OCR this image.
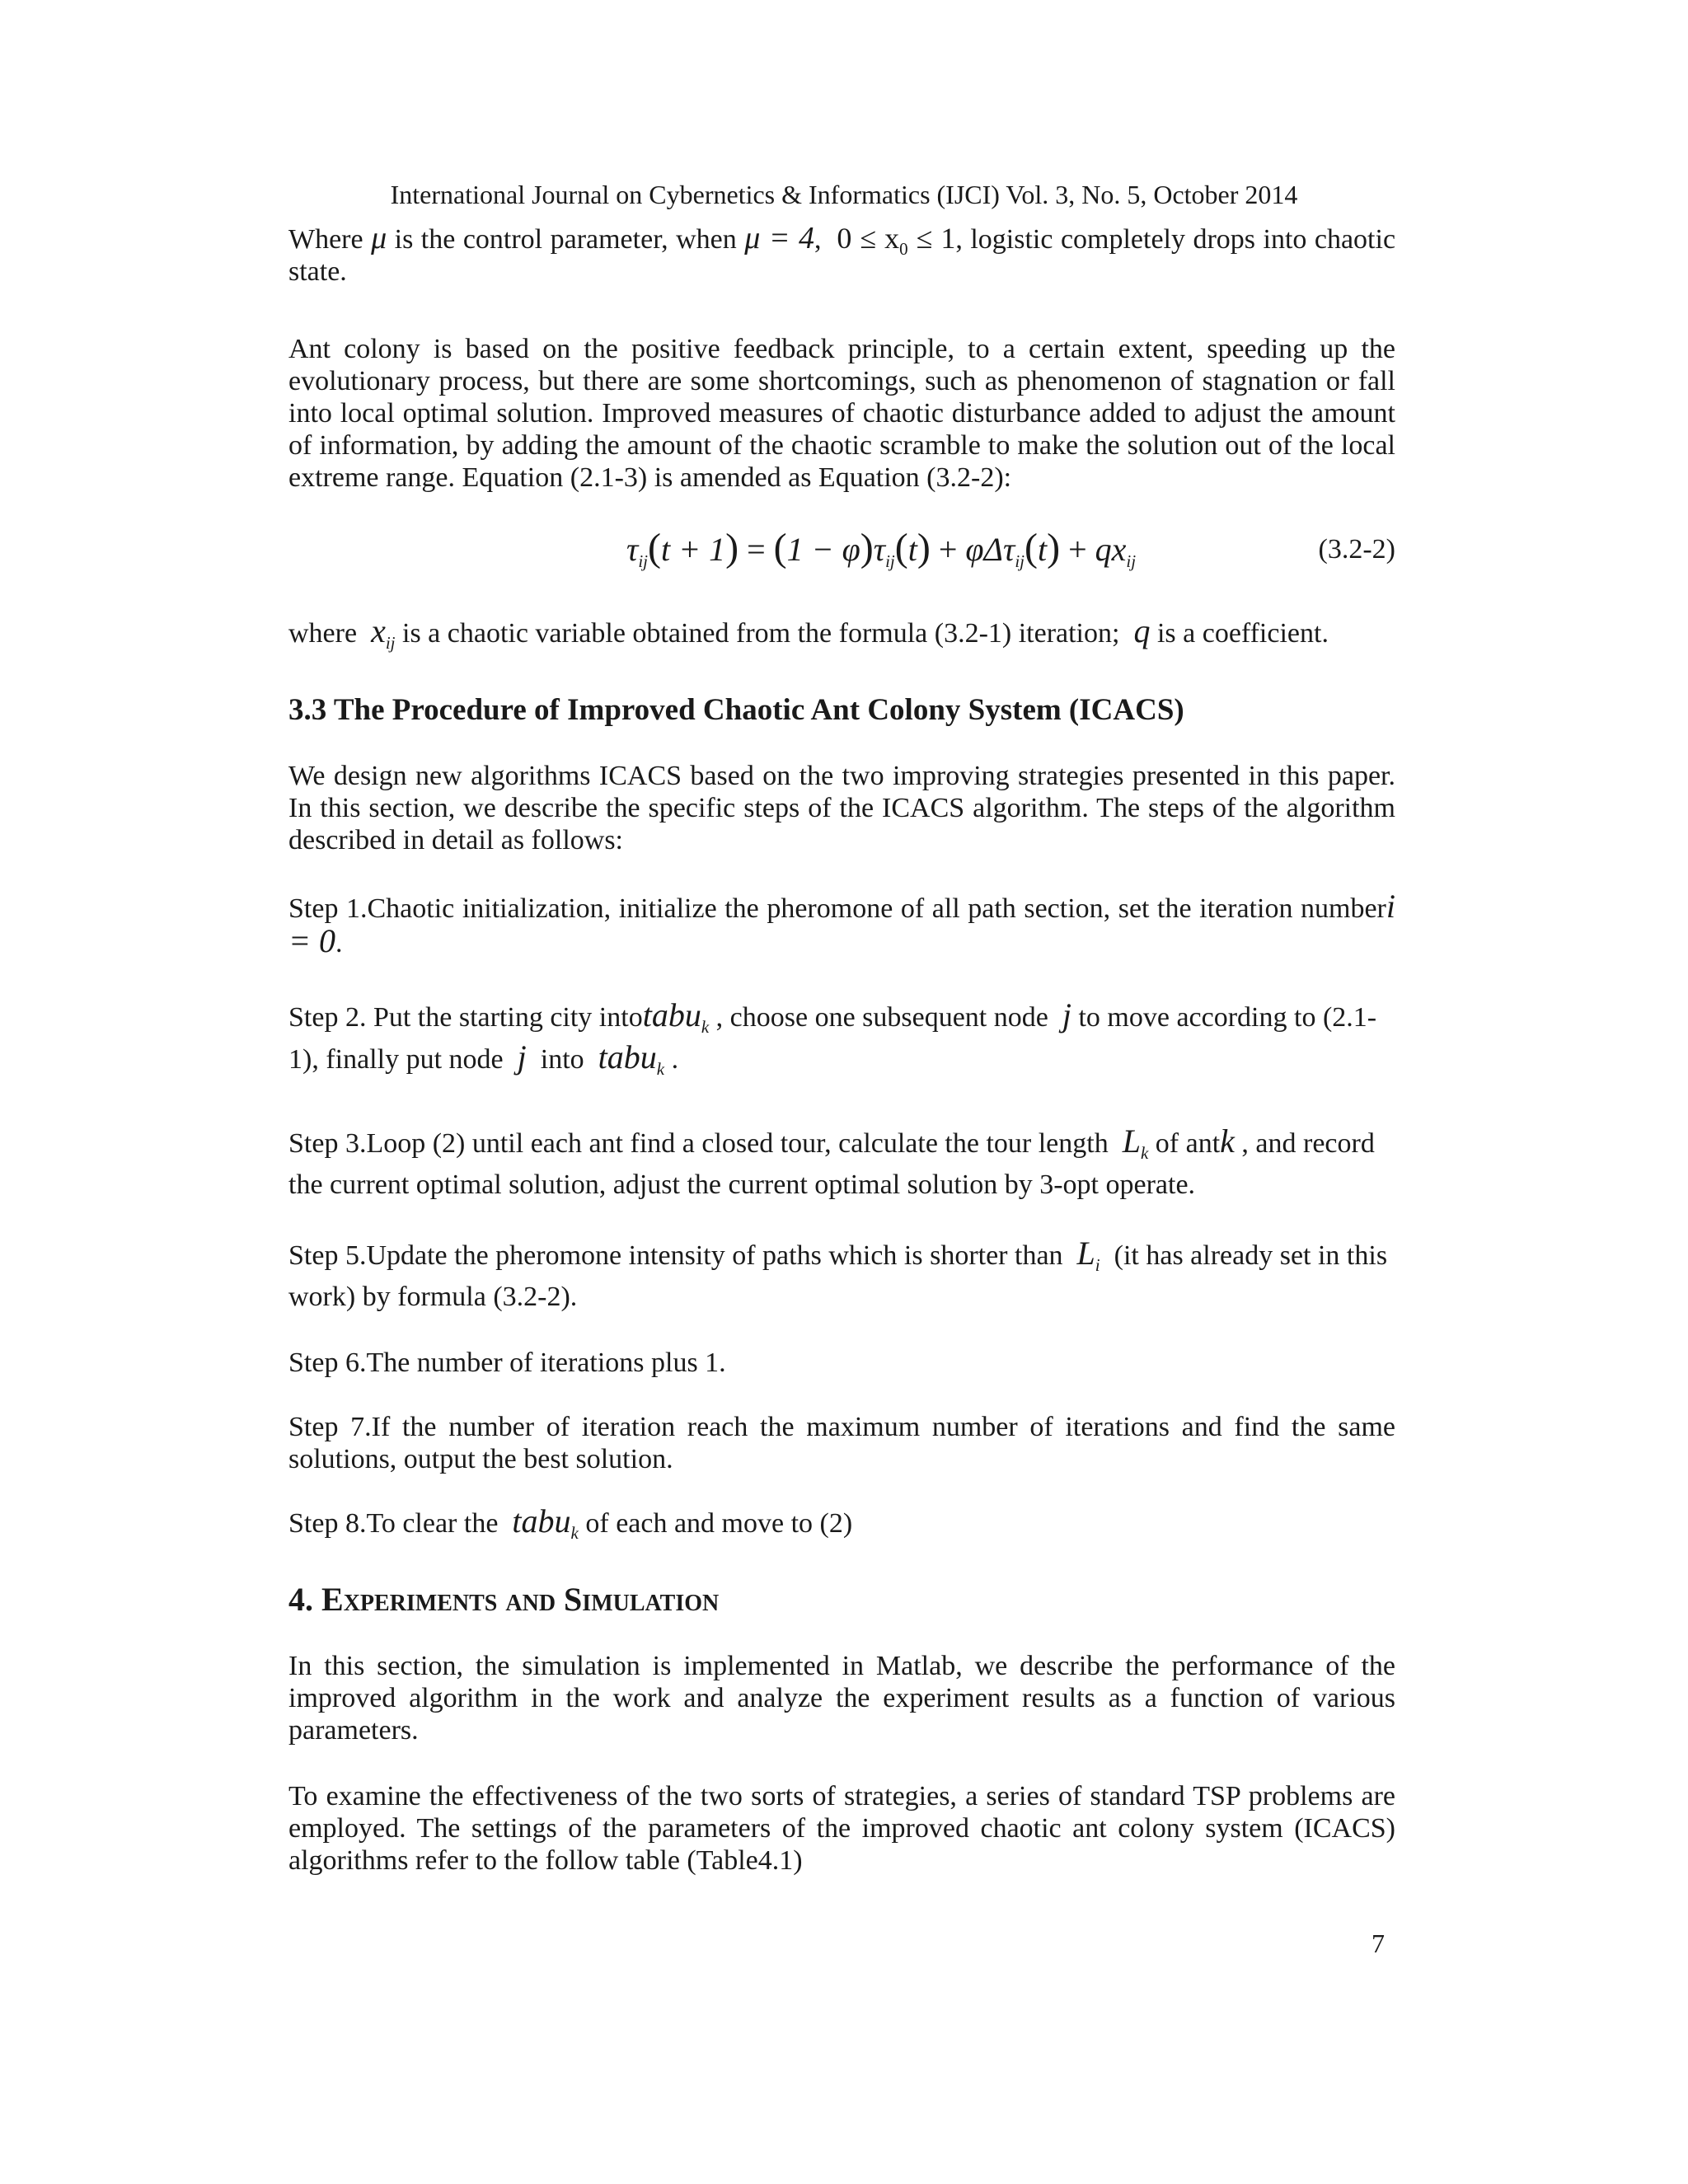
International Journal on Cybernetics & Informatics (IJCI) Vol. 3, No. 5, October 2014

Where μ is the control parameter, when μ = 4, $0 \le x_0 \le 1$, logistic completely drops into chaotic state.

Ant colony is based on the positive feedback principle, to a certain extent, speeding up the evolutionary process, but there are some shortcomings, such as phenomenon of stagnation or fall into local optimal solution. Improved measures of chaotic disturbance added to adjust the amount of information, by adding the amount of the chaotic scramble to make the solution out of the local extreme range. Equation (2.1-3) is amended as Equation (3.2-2):

$\tau_{ij}(t + 1) = (1 - \varphi)\tau_{ij}(t) + \varphi\Delta\tau_{ij}(t) + qx_{ij}$	(3.2-2)

where $x_{ij}$ is a chaotic variable obtained from the formula (3.2-1) iteration; q is a coefficient.

3.3 The Procedure of Improved Chaotic Ant Colony System (ICACS)

We design new algorithms ICACS based on the two improving strategies presented in this paper. In this section, we describe the specific steps of the ICACS algorithm. The steps of the algorithm described in detail as follows:

Step 1.Chaotic initialization, initialize the pheromone of all path section, set the iteration numberi = 0.

Step 2. Put the starting city intotabu$_k$ , choose one subsequent node j to move according to (2.1-1), finally put node j into tabu$_k$ .

Step 3.Loop (2) until each ant find a closed tour, calculate the tour length $L_k$ of antk , and record the current optimal solution, adjust the current optimal solution by 3-opt operate.

Step 5.Update the pheromone intensity of paths which is shorter than $L_i$ (it has already set in this work) by formula (3.2-2).

Step 6.The number of iterations plus 1.

Step 7.If the number of iteration reach the maximum number of iterations and find the same solutions, output the best solution.

Step 8.To clear the tabu$_k$ of each and move to (2)

4. Experiments and Simulation

In this section, the simulation is implemented in Matlab, we describe the performance of the improved algorithm in the work and analyze the experiment results as a function of various parameters.

To examine the effectiveness of the two sorts of strategies, a series of standard TSP problems are employed. The settings of the parameters of the improved chaotic ant colony system (ICACS) algorithms refer to the follow table (Table4.1)

7
